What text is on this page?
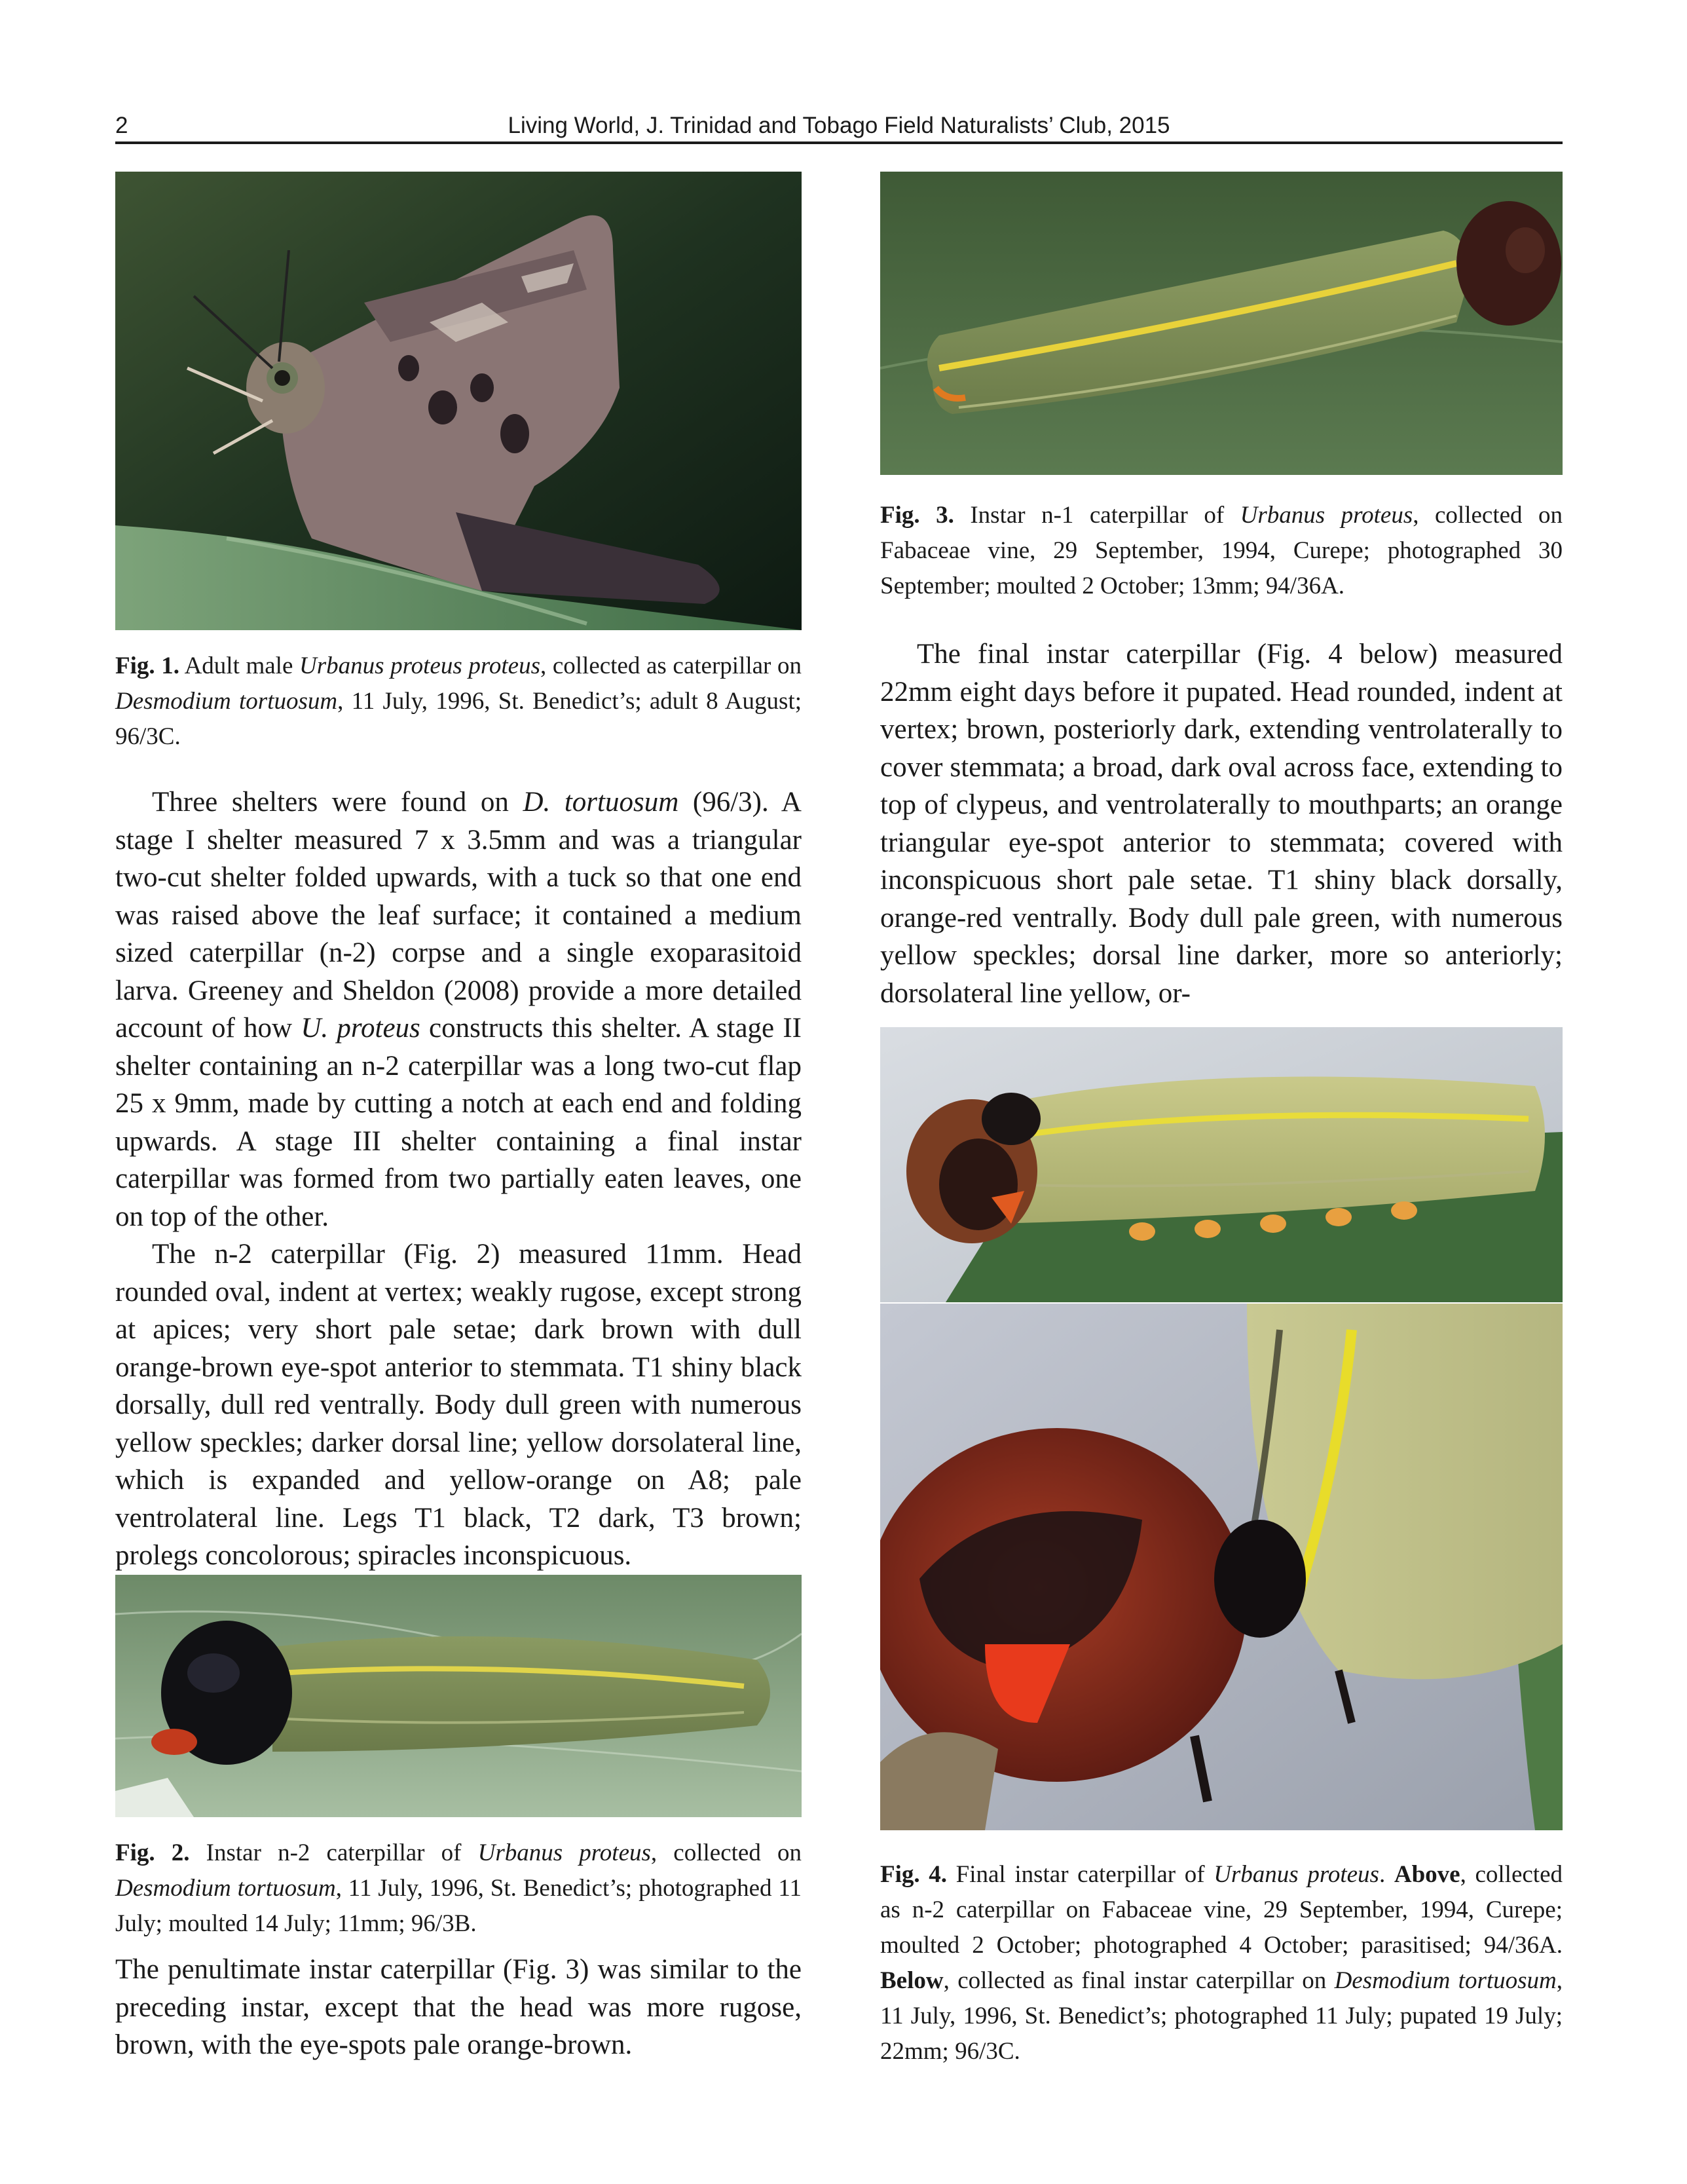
2	Living World, J. Trinidad and Tobago Field Naturalists’ Club, 2015
Fig. 1. Adult male Urbanus proteus proteus, collected as caterpillar on Desmodium tortuosum, 11 July, 1996, St. Benedict’s; adult 8 August; 96/3C.

Three shelters were found on D. tortuosum (96/3). A stage I shelter measured 7 x 3.5mm and was a triangular two-cut shelter folded upwards, with a tuck so that one end was raised above the leaf surface; it contained a medium sized caterpillar (n-2) corpse and a single exoparasitoid larva. Greeney and Sheldon (2008) provide a more detailed account of how U. proteus constructs this shelter. A stage II shelter containing an n-2 caterpillar was a long two-cut flap 25 x 9mm, made by cutting a notch at each end and folding upwards. A stage III shelter containing a final instar caterpillar was formed from two partially eaten leaves, one on top of the other.

The n-2 caterpillar (Fig. 2) measured 11mm. Head rounded oval, indent at vertex; weakly rugose, except strong at apices; very short pale setae; dark brown with dull orange-brown eye-spot anterior to stemmata. T1 shiny black dorsally, dull red ventrally. Body dull green with numerous yellow speckles; darker dorsal line; yellow dorsolateral line, which is expanded and yellow-orange on A8; pale ventrolateral line. Legs T1 black, T2 dark, T3 brown; prolegs concolorous; spiracles inconspicuous.

Fig. 2. Instar n-2 caterpillar of Urbanus proteus, collected on Desmodium tortuosum, 11 July, 1996, St. Benedict’s; photographed 11 July; moulted 14 July; 11mm; 96/3B.

The penultimate instar caterpillar (Fig. 3) was similar to the preceding instar, except that the head was more rugose, brown, with the eye-spots pale orange-brown.

Fig. 3. Instar n-1 caterpillar of Urbanus proteus, collected on Fabaceae vine, 29 September, 1994, Curepe; photographed 30 September; moulted 2 October; 13mm; 94/36A.

The final instar caterpillar (Fig. 4 below) measured 22mm eight days before it pupated. Head rounded, indent at vertex; brown, posteriorly dark, extending ventrolaterally to cover stemmata; a broad, dark oval across face, extending to top of clypeus, and ventrolaterally to mouthparts; an orange triangular eye-spot anterior to stemmata; covered with inconspicuous short pale setae. T1 shiny black dorsally, orange-red ventrally. Body dull pale green, with numerous yellow speckles; dorsal line darker, more so anteriorly; dorsolateral line yellow, or-

Fig. 4. Final instar caterpillar of Urbanus proteus. Above, collected as n-2 caterpillar on Fabaceae vine, 29 September, 1994, Curepe; moulted 2 October; photographed 4 October; parasitised; 94/36A. Below, collected as final instar caterpillar on Desmodium tortuosum, 11 July, 1996, St. Benedict’s; photographed 11 July; pupated 19 July; 22mm; 96/3C.
